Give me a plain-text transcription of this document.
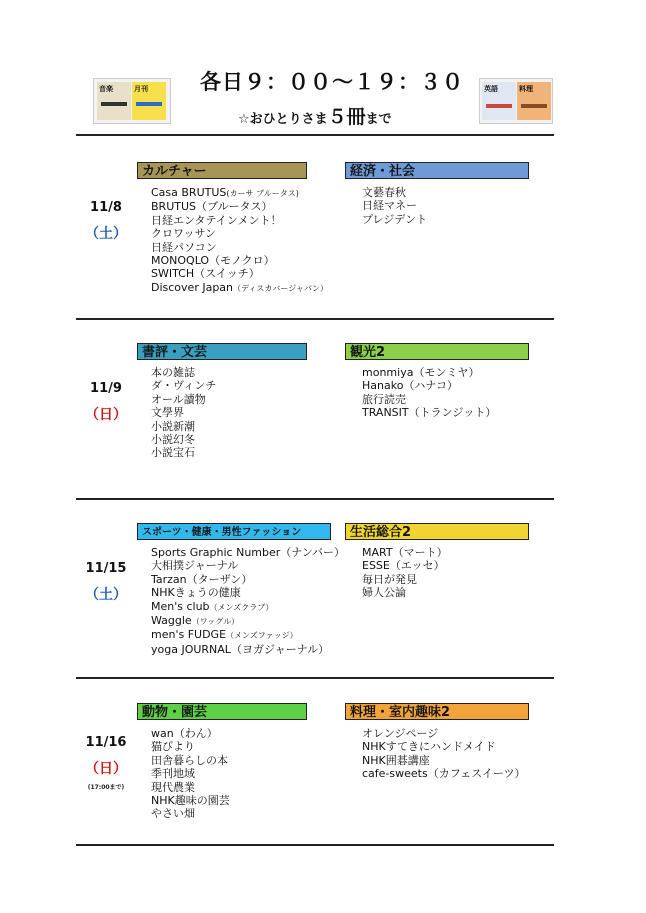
音楽	月刊 各日９：００〜１９：３０
☆おひとりさま５冊まで
英語	料理
11/8
（土）
カルチャー
Casa BRUTUS(カーサ ブルータス)
BRUTUS（ブルータス）
日経エンタテインメント！
クロワッサン
日経パソコン
MONOQLO（モノクロ）
SWITCH（スイッチ）
Discover Japan（ディスカバージャパン）
経済・社会
文藝春秋
日経マネー
プレジデント
11/9
（日）
書評・文芸
本の雑誌
ダ・ヴィンチ
オール讀物
文學界
小説新潮
小説幻冬
小説宝石
観光2
monmiya（モンミヤ）
Hanako（ハナコ）
旅行読売
TRANSIT（トランジット）
11/15
（土）
スポーツ・健康・男性ファッション
Sports Graphic Number（ナンバー）
大相撲ジャーナル
Tarzan（ターザン）
NHKきょうの健康
Men's club（メンズクラブ）
Waggle（ワッグル）
men's FUDGE（メンズファッジ）
yoga JOURNAL（ヨガジャーナル）
生活総合2
MART（マート）
ESSE（エッセ）
毎日が発見
婦人公論
11/16
（日）
(17:00まで)
動物・園芸
wan（わん）
猫びより
田舎暮らしの本
季刊地域
現代農業
NHK趣味の園芸
やさい畑
料理・室内趣味2
オレンジページ
NHKすてきにハンドメイド
NHK囲碁講座
cafe-sweets（カフェスイーツ）
